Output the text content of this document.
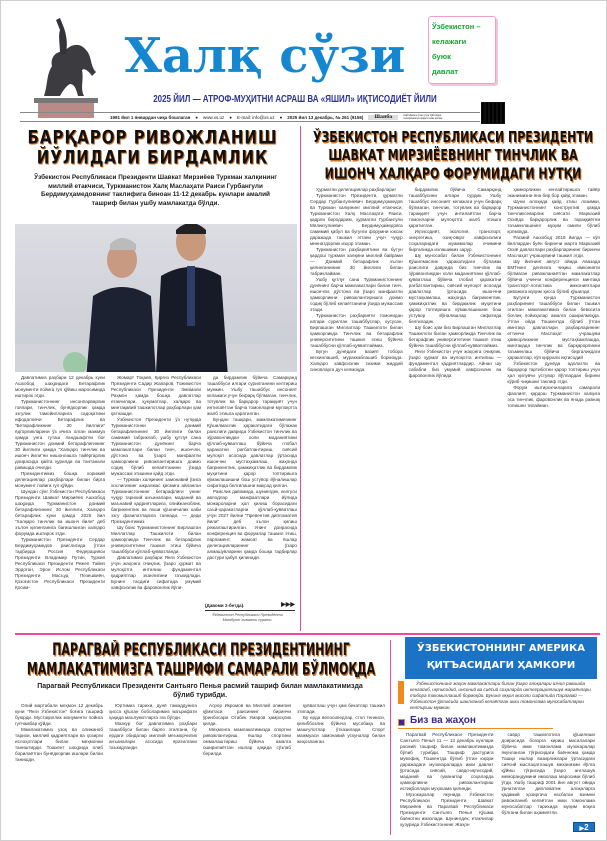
Халқ сўзи
Ўзбекистон –
келажаги
буюк
давлат
2025 ЙИЛ — АТРОФ-МУҲИТНИ АСРАШ ВА «ЯШИЛ» ИҚТИСОДИЁТ ЙИЛИ
1991 йил 1 январдан чиқа бошлаган ● www.xs.uz ● E-mail: info@xs.uz ● 2025 йил 13 декабрь, № 261 (9156)	Шанба	Сайтимизга ўтиш учун QR-кодни телефонингиз орқали скан қилинг
БАРҚАРОР РИВОЖЛАНИШ
ЙЎЛИДАГИ БИРДАМЛИК
Ўзбекистон Республикаси Президенти Шавкат Мирзиёев Туркман халқининг миллий етакчиси, Туркманистон Халқ Маслаҳати Раиси Гурбангули Бердимуҳамедовнинг таклифига биноан 11-12 декабрь кунлари амалий ташриф билан ушбу мамлакатда бўлди.

Давлатимиз раҳбари 12 декабрь куни Ашхобод шаҳридаги Бетарафлик монументи пойига гул қўйиш маросимида иштирок этди.

Туркманистоннинг инсонпарварлик гоялари, тинчлик, бунёдкорлик ҳамда эзгулик тамойилларига садоқатини ифодаловчи Бетарафлик ва “Бетарафликнинг 30 йиллиги” ёдгорликларини ўз ичига олган мажмуа ҳамда унга туташ ландшафтли боғ Туркманистон доимий бетарафлигининг 30 йиллиги ҳамда “Халқаро тинчлик ва ишонч йили”ни нишонлашга тайёргарлик доирасида қайта қурилди ва тантанали равишда очилди.

Президентимиз бошқа хорижий делегациялар раҳбарлари билан бирга монумент пойига гул қўйди.

Шундан сўнг Ўзбекистон Республикаси Президенти Шавкат Мирзиёев Ашхобод шаҳрида Туркманистон доимий бетарафлигининг 30 йиллиги, Халқаро бетарафлик куни ҳамда 2025 йил “Халқаро тинчлик ва ишонч йили” деб эълон қилинганига бағишланган халқаро форумда иштирок этди.

Туркманистон Президенти Сердар Бердимуҳамедов раислигида ўтган тадбирда Россия Федерацияси Президенти Владимир Путин, Туркия Республикаси Президенти Режеп Тайип Эрдоған, Эрон Ислом Республикаси Президенти Масъуд Пезешкиён, Қозоғистон Республикаси Президенти Қосим-

Жомарт Тоқаев, Қирғиз Республикаси Президенти Садир Жапаров, Тожикистон Республикаси Президенти Эмомали Раҳмон ҳамда бошқа давлатлар етакчилари, ҳукуматлар, халқаро ва минтақавий ташкилотлар раҳбарлари ҳам қатнашди.

Ўзбекистон Президенти ўз нутқида Туркманистонни доимий бетарафлигининг 30 йиллиги билан самимий табриклаб, ушбу қутлуғ сана Туркманистон дунёнинг барча мамлакатлари билан тинч, ишончли, дўстона ва ўзаро манфаатли ҳамкорликни ривожлантиришга доимо содиқ бўлиб келаётганини ўзида мужассам этишини қайд этди.

— Туркман халқининг замонавий ўзига хослигининг ажралмас қисмига айланган Туркманистоннинг бетарафлиги унинг чуқур тарихий анъаналари, маданий ва маънавий қадриятларига, олийжаноблик, бағрикенглик ва яхши қўшничилик каби эзгу фазилатларига таянади, — деди Президентимиз.

Шу боис Туркманистоннинг Бирлашган Миллатлар Ташкилоти билан ҳамкорликда Тинчлик ва бетарафлик университетини ташкил этиш бўйича ташаббуси қўллаб-қувватланди.

Давлатимиз раҳбари Янги Ўзбекистон учун жаҳонга очиқлик, ўзаро ҳурмат ва мулоқотга интилиш фундаментал қадриятлар эканлигини таъкидлади. Бунинг тасдиғи сифатида умумий хавфсизлик ва фаровонлик йўли-

да бирдамлик бўйича Самарқанд ташаббуси илгари сурилганини келтириш мумкин. Ушбу ташаббус инсоният келажаги учун бефарқ бўлмаган, тинчлик, тотувлик ва барқарор тараққиёт учун интилаётган барча томонларни мулоқотга жалб этишга қаратилган.

Бундан ташқари, мамлакатимизнинг Қўшилмаслик ҳаракатидаги бўлажак раислиги даврида Ўзбекистон тинчлик ва зўравонликдан холи маданиятини қўллаб-қувватлаш бўйича глобал ҳаракатни рағбатлантириш, сиёсий мулоқот асосида давлатлар ўртасида ишончни мустаҳкамлаш, жаҳонда бағрикенглик, ҳамжиҳатлик ва бирдамлик муҳитини қарор топтиришга кўмаклашишни бош устувор йўналишлар сифатида белгилашни мақсад қилган.

Раислик давомида, шунингдек, келгуси авлодлар манфаатлари йўлида можароларни ҳал қилиш борасидаги саъй-ҳаракатларни қўллаб-қувватлаш учун 2027 йилни “Превентив дипломатия йили” деб эълон қилиш режалаштирилган. Унинг доирасида конференция ва форумлар ташкил этиш, парламент, жамоат ва ёшлар делегацияларининг ўзаро алмашувларини ҳамда бошқа тадбирлар дастури қабул қилинади.

(Давоми 2-бетда).	▶▶▶
Ўзбекистон Республикаси Президенти
Матбуот хизмати сурати.
ЎЗБЕКИСТОН РЕСПУБЛИКАСИ ПРЕЗИДЕНТИ
ШАВКАТ МИРЗИЁЕВНИНГ ТИНЧЛИК ВА
ИШОНЧ ХАЛҚАРО ФОРУМИДАГИ НУТҚИ

Ҳурматли делегациялар раҳбарлари!

Туркманистон Президенти, ҳурматли Сердар Гурбангулиевич Бердимуҳамедов ва Туркман халқининг миллий етакчиси, Туркманистон Халқ Маслаҳати Раиси, қадрли биродарим, ҳурматли Гурбангули Мяликгулиевич Бердимуҳамедовга самимий қабул ва бугунги форумни юксак даражада ташкил этгани учун чуқур миннатдорлик изҳор этаман.

Туркманистон раҳбариятини ва бутун қардош туркман халқини миллий байрами — Доимий бетарафлик эълон қилинганининг 30 йиллиги билан табриклайман.

Ушбу қутлуғ сана Туркманистоннинг дунёнинг барча мамлакатлари билан тинч, ишончли, дўстона ва ўзаро манфаатли ҳамкорликни ривожлантиришга доимо содиқ бўлиб келаётганини ўзида мужассам этади.

Туркманистон раҳбарияти томонидан илгари сурилган ташаббуслар, хусусан, Бирлашган Миллатлар Ташкилоти билан ҳамкорликда Тинчлик ва бетарафлик университетини ташкил этиш бўйича ташаббусни қўллаб-қувватлаймиз.

Бугун дунёдаги вазият тобора кескинлашиб, мураккаблашиб бормоқда. Халқаро хавфсизлик тизими жиддий синовларга дуч келмоқда.

бирдамлик бўйича Самарқанд ташаббусини илгари сурдик. Ушбу ташаббус инсоният келажаги учун бефарқ бўлмаган, тинчлик, тотувлик ва барқарор тараққиёт учун интилаётган барча томонларни мулоқотга жалб этишга қаратилган.

Иқтисодиёт, экология, транспорт, энергетика, озиқ-овқат хавфсизлиги соҳаларидаги муаммолар ечимини биргаликда излашимиз зарур.

Шу муносабат билан Ўзбекистоннинг Қўшилмаслик ҳаракатидаги бўлажак раислиги даврида биз тинчлик ва зўравонликдан холи маданиятини қўллаб-қувватлаш бўйича глобал ҳаракатни рағбатлантириш, сиёсий мулоқот асосида давлатлар ўртасида ишончни мустаҳкамлаш, жаҳонда бағрикенглик, ҳамжиҳатлик ва бирдамлик муҳитини қарор топтиришга кўмаклашишни бош устувор йўналишлар сифатида белгиладик.

Шу боис ҳам биз Бирлашган Миллатлар Ташкилоти билан ҳамкорликда Тинчлик ва бетарафлик университетини ташкил этиш бўйича ташаббусни қўллаб-қувватлаймиз.

Янги Ўзбекистон учун жаҳонга очиқлик, ўзаро ҳурмат ва мулоқотга интилиш — фундаментал қадриятлардир. Айнан шу сабабли биз умумий хавфсизлик ва фаровонлик йўлида

ҳамкорликни кенгайтиришга тайёр эканимизни яна бир бор қайд этаман.

Шуни алоҳида қайд этиш лозимки, Туркманистоннинг конструктив ҳамда тинчликсеварлик сиёсати Марказий Осиёда барқарорлик ва тараққиётни таъминлашнинг муҳим омили бўлиб қолмоқда.

Расмий Ашхобод 2018 йилда — кўп йиллардан буён биринчи марта Марказий Осиё давлатлари раҳбарларининг биринчи Маслаҳат учрашувини ташкил этди.

Шу йилнинг август ойида Авазада БМТнинг денгизга чиқиш имконияти бўлмаган ривожланаётган мамлакатлар бўйича учинчи конференцияси минтақа транспорт-логистика имкониятлари ривожига муҳим ҳисса бўлиб қўшилди.

Бугунги кунда Туркманистон раҳбарининг ташаббуси билан ташкил этилган мамлакатимиз билан бевосита боғлиқ лойиҳалар амалга оширилмоқда. Ўтган ойда Тошкентда бўлиб ўтган минтақа давлатлари раҳбарларининг еттинчи Маслаҳат учрашуви ҳамкорликнинг мустаҳкамлашда, минтақада тинчлик ва барқарорликни таъминлаш бўйича биргаликдаги ҳаракатлар, кўп қиррали иқтисодий

Ўзбекистон дунёда адолатли ва барқарор тартиботни қарор топтириш учун ҳал қилувчи устувор йўллардан бирини кўриб чиқишни таклиф этди.

Форум иштирокчиларига самарали фаолият, қардош Туркманистон халқига эса тинчлик, фаровонлик ва янада равнақ топишни тилайман.

ПАРАГВАЙ РЕСПУБЛИКАСИ ПРЕЗИДЕНТИНИНГ
МАМЛАКАТИМИЗГА ТАШРИФИ САМАРАЛИ БЎЛМОҚДА
Парагвай Республикаси Президенти Сантьяго Пенья расмий ташриф билан мамлакатимизда бўлиб турибди.

Олий мартабали меҳмон 12 декабрь куни “Янги Ўзбекистон” боғига ташриф буюрди. Мустақиллик монументи пойига гулчамбар қўйди.

Мамлакатимиз узоқ ва олижаноб тарихи, миллий қадриятлари ва ҳозирги ислоҳотлари билан меҳмонни таништирди. Тошкент шаҳрида олиб борилаётган бунёдкорлик ишлари билан танишди.

Юртимиз тарихи, дунё тамаддунига ҳисса қўшган боболаримиз маърифати ҳақида маълумотларга эга бўлди.

Мазкур боғ давлатимиз раҳбари ташаббуси билан барпо этилгани, бу ердаги обидалар миллий меъморчилик анъаналари асосида яратилгани таъкидланди.

Асрор Икромов ва Миллий олимпия қўмитаси раисининг биринчи ўринбосари Отабек Умаров ҳамроҳлик қилди.

Меҳмонга мамлакатимизда спортни ривожлантириш, ёшлар спортини оммалаштириш бўйича амалга оширилаётган ишлар ҳақида сўзлаб берилди.

қувватлаш учун ҳам бекатлар ташкил этилади.

Бу ерда велосипедлар, стол тенниси, қилиჩбозлик бўйича мусобақа ва машғулотлар ўтказилади. Спорт мажмуаси замонавий ускуналар билан жиҳозланган.

ЎЗБЕКИСТОННИНГ АМЕРИКА
ҚИТЪАСИДАГИ ҲАМКОРИ
Ўзбекистоннинг жаҳон мамлакатлари билан ўзаро алоқалари изчил равишда кенгайиб, иқтисодий, инсоний ва сиёсий соҳаларда интеграциялашув жараёнлари тобора такомиллашиб бормоқда. Бунинг яққол мисоли сифатида Парагвай — Ўзбекистон ўртасида шаклланиб келаётган икки томонлама муносабатларни келтириш мумкин.
Биз ва жаҳон

Парагвай Республикаси Президенти Сантьяго Пенья 11 — 13 декабрь кунлари расмий ташриф билан мамлакатимизда бўлиб турибди. Ташриф дастурига мувофиқ, Тошкентда бўлиб ўтган юқори даражадаги музокараларда икки давлат ўртасида сиёсий, савдо-иқтисодий, маданий ва гуманитар соҳаларда ҳамкорликни ривожлантириш истиқболлари муҳокама қилинди.

Музокаралар якунида Ўзбекистон Республикаси Президенти Шавкат Мирзиёев ва Парагвай Республикаси Президенти Сантьяго Пенья Қўшма баёнотни имзолади. Шунингдек, етакчилар ҳузурида Ўзбекистоннинг Жаҳон

савдо ташкилотига қўшилиши доирасида бозорга кириш масалалари бўйича икки томонлама музокаралар якунланган тўғрисидаги баённома ҳамда Ташқи ишлар вазирликлари ўртасидаги сиёсий маслаҳатлашув механизми йўлга қўйиш тўғрисида ўзаро англашув меморандумини имзолаш маросими бўлиб ўтди. Ушбу ташриф 2001 йил август ойида ўрнатилган дипломатик алоқаларга қадамий ҳозиргача насбатан взимни ривожланиб келаётган икки томонлама муносабатлар тарихида муҳим воқеа бўлгани билан аҳамиятли.

▶2
